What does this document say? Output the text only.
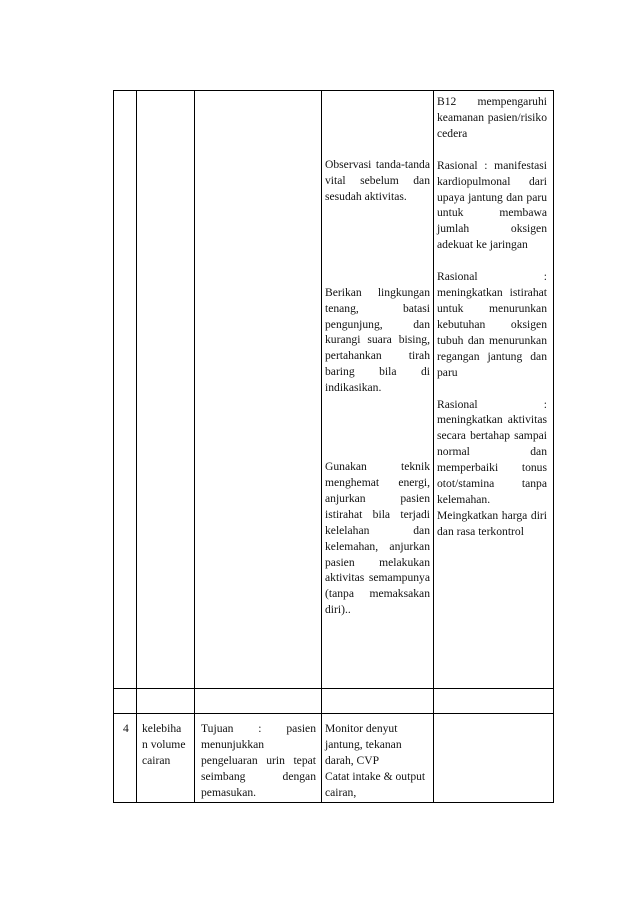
Observasi tanda-tanda vital sebelum dan sesudah aktivitas.

Berikan lingkungan tenang, batasi pengunjung, dan kurangi suara bising, pertahankan tirah baring bila di indikasikan.

Gunakan teknik menghemat energi, anjurkan pasien istirahat bila terjadi kelelahan dan kelemahan, anjurkan pasien melakukan aktivitas semampunya (tanpa memaksakan diri)..

B12 mempengaruhi keamanan pasien/risiko cedera

Rasional : manifestasi kardiopulmonal dari upaya jantung dan paru untuk membawa jumlah oksigen adekuat ke jaringan

Rasional : meningkatkan istirahat untuk menurunkan kebutuhan oksigen tubuh dan menurunkan regangan jantung dan paru

Rasional : meningkatkan aktivitas secara bertahap sampai normal dan memperbaiki tonus otot/stamina tanpa kelemahan. Meingkatkan harga diri dan rasa terkontrol

4	kelebihan volume cairan

Tujuan : pasien menunjukkan pengeluaran urin tepat seimbang dengan pemasukan.

Monitor denyut jantung, tekanan darah, CVP

Catat intake & output cairan,
